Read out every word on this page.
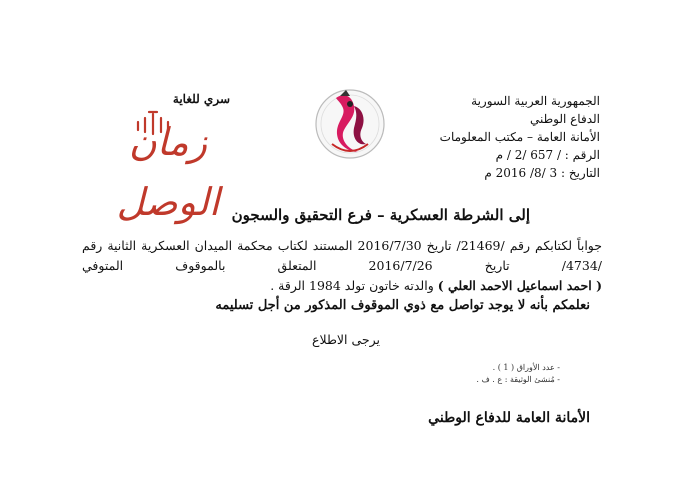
الجمهورية العربية السورية
الدفاع الوطني
الأمانة العامة – مكتب المعلومات
الرقم : / 657 /2 / م
التاريخ : 3 /8/ 2016 م
سري للغاية
زمان الوصل إلى الشرطة العسكرية – فرع التحقيق والسجون
جواباً لكتابكم رقم /21469/ تاريخ 2016/7/30 المستند لكتاب محكمة الميدان العسكرية الثانية رقم
/4734/ تاريخ 2016/7/26 المتعلق بالموقوف المتوفي
( احمد اسماعيل الاحمد العلي ) والدته خاتون تولد 1984 الرقة .
نعلمكم بأنه لا يوجد تواصل مع ذوي الموقوف المذكور من أجل تسليمه
يرجى الاطلاع
- عدد الأوراق ( 1 ) .
- مُنشئ الوثيقة : ع . ف .
الأمانة العامة للدفاع الوطني
